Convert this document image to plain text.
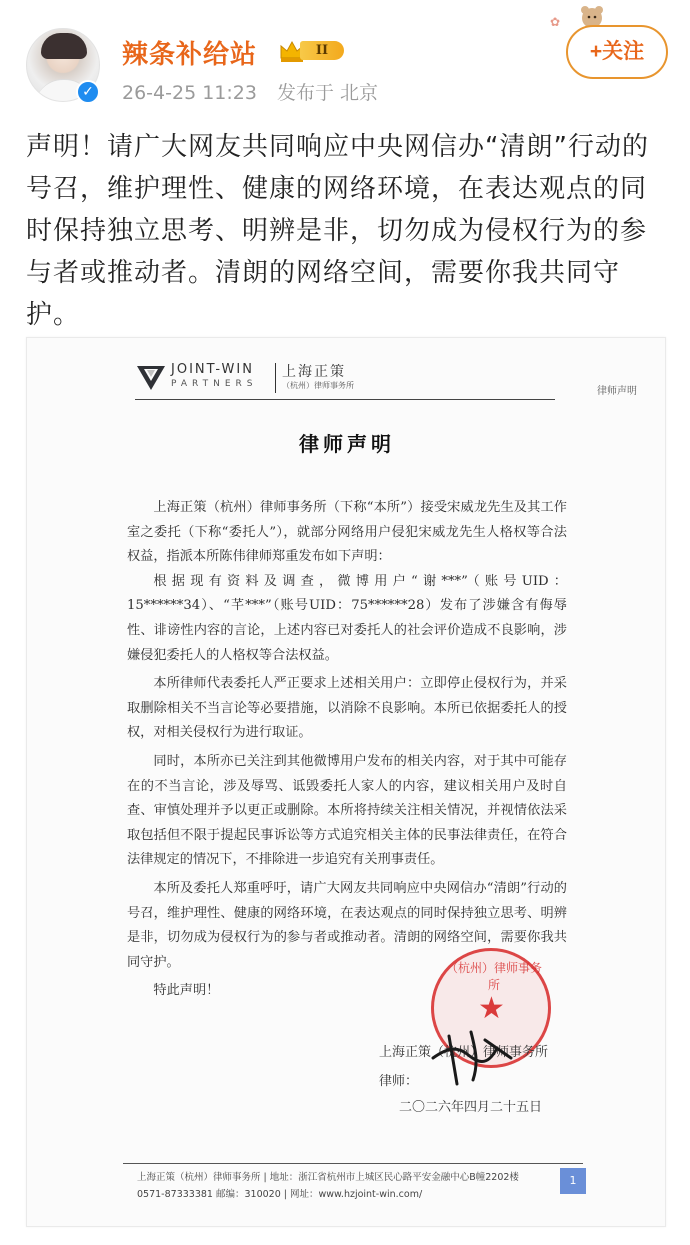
✿
✓
辣条补给站	II
26-4-25 11:23 发布于 北京
+关注
声明！请广大网友共同响应中央网信办“清朗”行动的号召，维护理性、健康的网络环境，在表达观点的同时保持独立思考、明辨是非，切勿成为侵权行为的参与者或推动者。清朗的网络空间，需要你我共同守护。
JOINT-WIN
PARTNERS
上海正策
（杭州）律师事务所
律师声明
律师声明

上海正策（杭州）律师事务所（下称“本所”）接受宋威龙先生及其工作室之委托（下称“委托人”），就部分网络用户侵犯宋威龙先生人格权等合法权益，指派本所陈伟律师郑重发布如下声明：

根据现有资料及调查，微博用户“谢***”（账号UID：15******34）、“芊***”（账号UID：75******28）发布了涉嫌含有侮辱性、诽谤性内容的言论，上述内容已对委托人的社会评价造成不良影响，涉嫌侵犯委托人的人格权等合法权益。

本所律师代表委托人严正要求上述相关用户：立即停止侵权行为，并采取删除相关不当言论等必要措施，以消除不良影响。本所已依据委托人的授权，对相关侵权行为进行取证。

同时，本所亦已关注到其他微博用户发布的相关内容，对于其中可能存在的不当言论，涉及辱骂、诋毁委托人家人的内容，建议相关用户及时自查、审慎处理并予以更正或删除。本所将持续关注相关情况，并视情依法采取包括但不限于提起民事诉讼等方式追究相关主体的民事法律责任，在符合法律规定的情况下，不排除进一步追究有关刑事责任。

本所及委托人郑重呼吁，请广大网友共同响应中央网信办“清朗”行动的号召，维护理性、健康的网络环境，在表达观点的同时保持独立思考、明辨是非，切勿成为侵权行为的参与者或推动者。清朗的网络空间，需要你我共同守护。

特此声明！

（杭州）律师事务所
★
上海正策（杭州）律师事务所
律师：
二〇二六年四月二十五日
上海正策（杭州）律师事务所 | 地址：浙江省杭州市上城区民心路平安金融中心B幢2202楼
0571-87333381 邮编：310020 | 网址：www.hzjoint-win.com/
1
